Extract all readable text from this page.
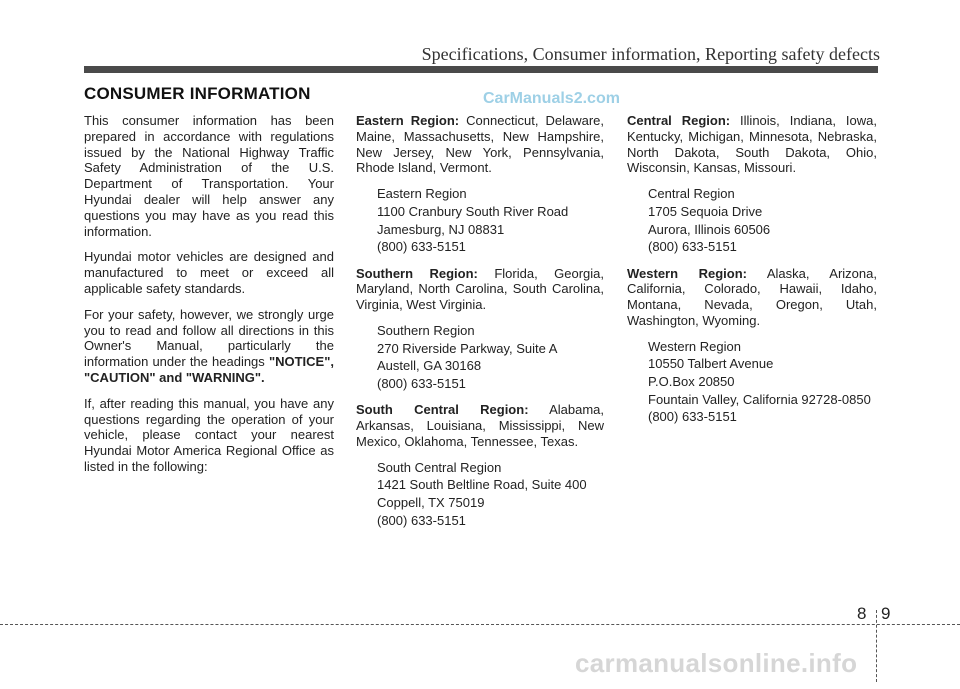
Specifications, Consumer information, Reporting safety defects
CarManuals2.com
CONSUMER INFORMATION

This consumer information has been prepared in accordance with regulations issued by the National Highway Traffic Safety Administration of the U.S. Department of Transportation. Your Hyundai dealer will help answer any questions you may have as you read this information.

Hyundai motor vehicles are designed and manufactured to meet or exceed all applicable safety standards.

For your safety, however, we strongly urge you to read and follow all directions in this Owner's Manual, particularly the information under the headings "NOTICE", "CAUTION" and "WARNING".

If, after reading this manual, you have any questions regarding the operation of your vehicle, please contact your nearest Hyundai Motor America Regional Office as listed in the following:

Eastern Region: Connecticut, Delaware, Maine, Massachusetts, New Hampshire, New Jersey, New York, Pennsylvania, Rhode Island, Vermont.

Eastern Region
1100 Cranbury South River Road
Jamesburg, NJ 08831
(800) 633-5151

Southern Region: Florida, Georgia, Maryland, North Carolina, South Carolina, Virginia, West Virginia.

Southern Region
270 Riverside Parkway, Suite A
Austell, GA 30168
(800) 633-5151

South Central Region: Alabama, Arkansas, Louisiana, Mississippi, New Mexico, Oklahoma, Tennessee, Texas.

South Central Region
1421 South Beltline Road, Suite 400
Coppell, TX 75019
(800) 633-5151

Central Region: Illinois, Indiana, Iowa, Kentucky, Michigan, Minnesota, Nebraska, North Dakota, South Dakota, Ohio, Wisconsin, Kansas, Missouri.

Central Region
1705 Sequoia Drive
Aurora, Illinois 60506
(800) 633-5151

Western Region: Alaska, Arizona, California, Colorado, Hawaii, Idaho, Montana, Nevada, Oregon, Utah, Washington, Wyoming.

Western Region
10550 Talbert Avenue
P.O.Box 20850
Fountain Valley, California 92728-0850
(800) 633-5151
8 9
carmanualsonline.info
